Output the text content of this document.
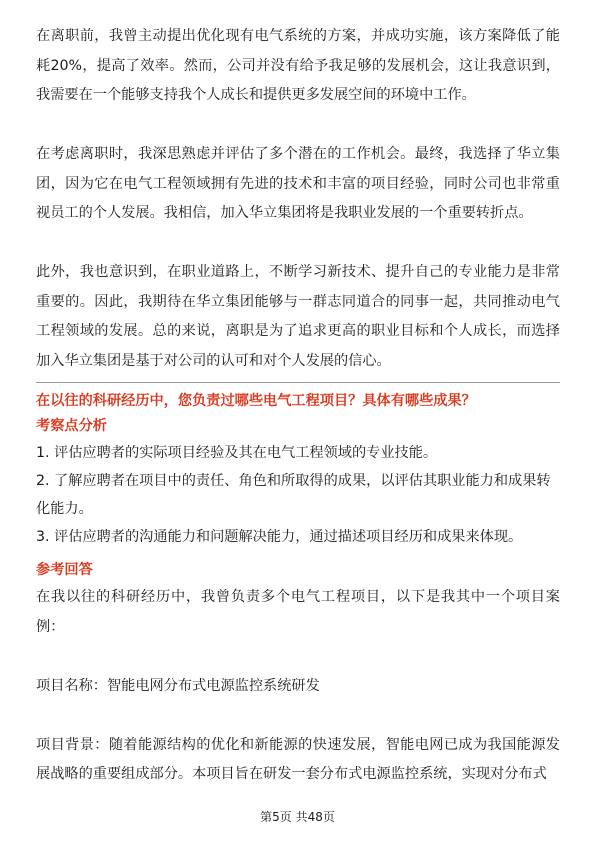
在离职前，我曾主动提出优化现有电气系统的方案，并成功实施，该方案降低了能耗20%，提高了效率。然而，公司并没有给予我足够的发展机会，这让我意识到，我需要在一个能够支持我个人成长和提供更多发展空间的环境中工作。

在考虑离职时，我深思熟虑并评估了多个潜在的工作机会。最终，我选择了华立集团，因为它在电气工程领域拥有先进的技术和丰富的项目经验，同时公司也非常重视员工的个人发展。我相信，加入华立集团将是我职业发展的一个重要转折点。

此外，我也意识到，在职业道路上，不断学习新技术、提升自己的专业能力是非常重要的。因此，我期待在华立集团能够与一群志同道合的同事一起，共同推动电气工程领域的发展。总的来说，离职是为了追求更高的职业目标和个人成长，而选择加入华立集团是基于对公司的认可和对个人发展的信心。

在以往的科研经历中，您负责过哪些电气工程项目？具体有哪些成果？

考察点分析

1. 评估应聘者的实际项目经验及其在电气工程领域的专业技能。

2. 了解应聘者在项目中的责任、角色和所取得的成果，以评估其职业能力和成果转化能力。

3. 评估应聘者的沟通能力和问题解决能力，通过描述项目经历和成果来体现。

参考回答

在我以往的科研经历中，我曾负责多个电气工程项目，以下是我其中一个项目案例：

项目名称：智能电网分布式电源监控系统研发

项目背景：随着能源结构的优化和新能源的快速发展，智能电网已成为我国能源发展战略的重要组成部分。本项目旨在研发一套分布式电源监控系统，实现对分布式

第5页 共48页
